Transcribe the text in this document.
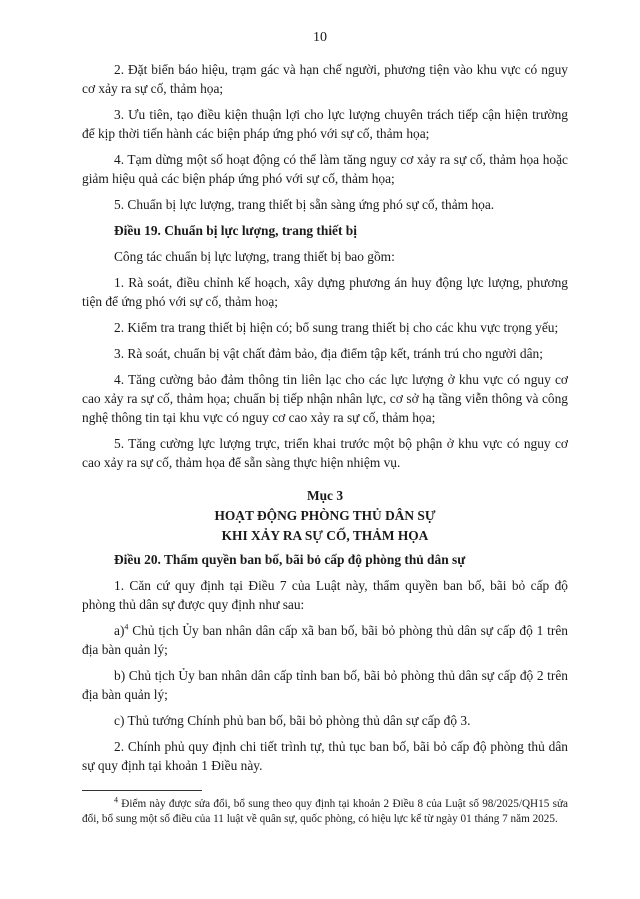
10

2. Đặt biển báo hiệu, trạm gác và hạn chế người, phương tiện vào khu vực có nguy cơ xảy ra sự cố, thảm họa;

3. Ưu tiên, tạo điều kiện thuận lợi cho lực lượng chuyên trách tiếp cận hiện trường để kịp thời tiến hành các biện pháp ứng phó với sự cố, thảm họa;

4. Tạm dừng một số hoạt động có thể làm tăng nguy cơ xảy ra sự cố, thảm họa hoặc giảm hiệu quả các biện pháp ứng phó với sự cố, thảm họa;

5. Chuẩn bị lực lượng, trang thiết bị sẵn sàng ứng phó sự cố, thảm họa.

Điều 19. Chuẩn bị lực lượng, trang thiết bị

Công tác chuẩn bị lực lượng, trang thiết bị bao gồm:

1. Rà soát, điều chỉnh kế hoạch, xây dựng phương án huy động lực lượng, phương tiện để ứng phó với sự cố, thảm hoạ;

2. Kiểm tra trang thiết bị hiện có; bổ sung trang thiết bị cho các khu vực trọng yếu;

3. Rà soát, chuẩn bị vật chất đảm bảo, địa điểm tập kết, tránh trú cho người dân;

4. Tăng cường bảo đảm thông tin liên lạc cho các lực lượng ở khu vực có nguy cơ cao xảy ra sự cố, thảm họa; chuẩn bị tiếp nhận nhân lực, cơ sở hạ tầng viễn thông và công nghệ thông tin tại khu vực có nguy cơ cao xảy ra sự cố, thảm họa;

5. Tăng cường lực lượng trực, triển khai trước một bộ phận ở khu vực có nguy cơ cao xảy ra sự cố, thảm họa để sẵn sàng thực hiện nhiệm vụ.

Mục 3
HOẠT ĐỘNG PHÒNG THỦ DÂN SỰ
KHI XẢY RA SỰ CỐ, THẢM HỌA

Điều 20. Thẩm quyền ban bố, bãi bỏ cấp độ phòng thủ dân sự

1. Căn cứ quy định tại Điều 7 của Luật này, thẩm quyền ban bố, bãi bỏ cấp độ phòng thủ dân sự được quy định như sau:

a)$^4$ Chủ tịch Ủy ban nhân dân cấp xã ban bố, bãi bỏ phòng thủ dân sự cấp độ 1 trên địa bàn quản lý;

b) Chủ tịch Ủy ban nhân dân cấp tỉnh ban bố, bãi bỏ phòng thủ dân sự cấp độ 2 trên địa bàn quản lý;

c) Thủ tướng Chính phủ ban bố, bãi bỏ phòng thủ dân sự cấp độ 3.

2. Chính phủ quy định chi tiết trình tự, thủ tục ban bố, bãi bỏ cấp độ phòng thủ dân sự quy định tại khoản 1 Điều này.

$^4$ Điểm này được sửa đổi, bổ sung theo quy định tại khoản 2 Điều 8 của Luật số 98/2025/QH15 sửa đổi, bổ sung một số điều của 11 luật về quân sự, quốc phòng, có hiệu lực kể từ ngày 01 tháng 7 năm 2025.
